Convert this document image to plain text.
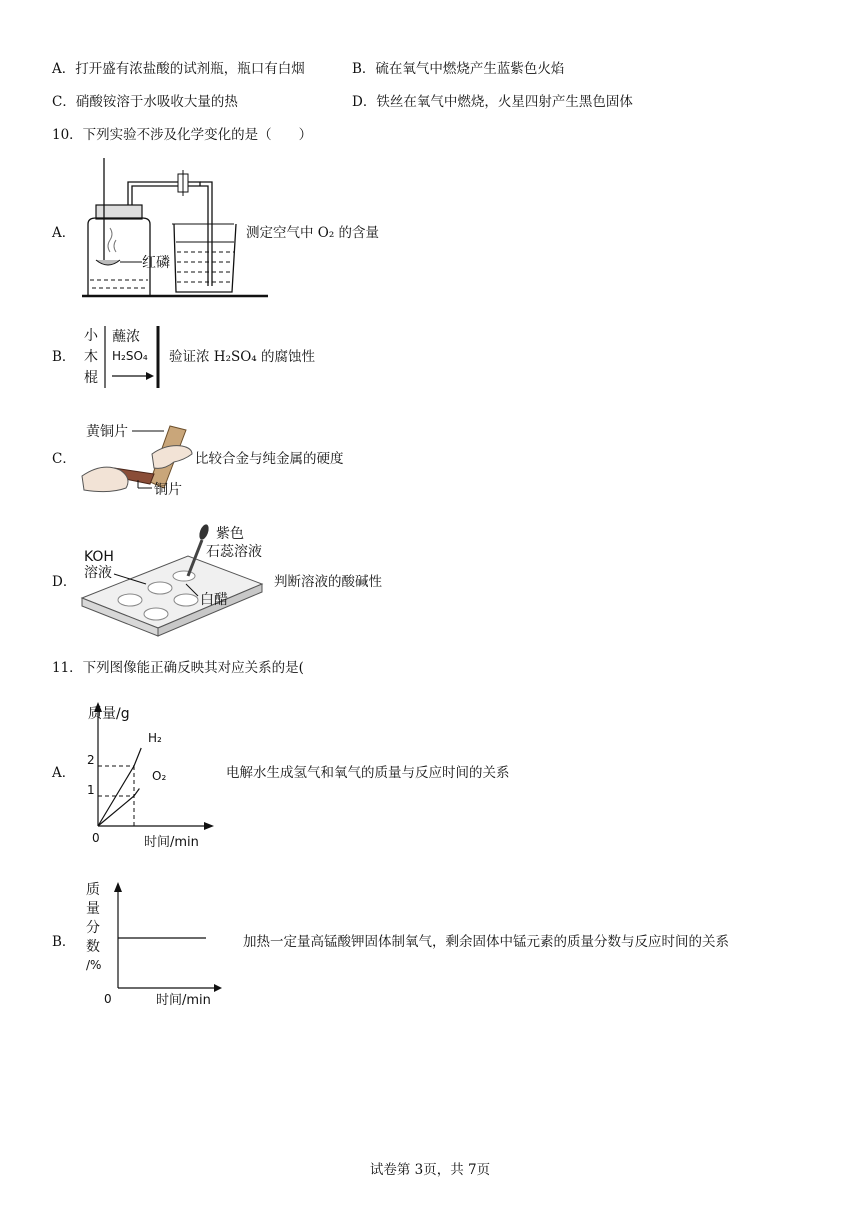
A．打开盛有浓盐酸的试剂瓶，瓶口有白烟	B．硫在氧气中燃烧产生蓝紫色火焰
C．硝酸铵溶于水吸收大量的热	D．铁丝在氧气中燃烧，火星四射产生黑色固体
10．下列实验不涉及化学变化的是（　　）
A．
红磷
测定空气中 O₂ 的含量
B．
小
木
棍
蘸浓
H₂SO₄ 验证浓 H₂SO₄ 的腐蚀性
C．
黄铜片
铜片
比较合金与纯金属的硬度
D．
KOH
溶液
紫色
石蕊溶液
白醋
判断溶液的酸碱性
11．下列图像能正确反映其对应关系的是(
A．
质量/g
时间/min
0
1
2
H₂
O₂	电解水生成氢气和氧气的质量与反应时间的关系
B．
质
量
分
数
/%
0	时间/min
加热一定量高锰酸钾固体制氧气，剩余固体中锰元素的质量分数与反应时间的关系
试卷第 3页，共 7页
